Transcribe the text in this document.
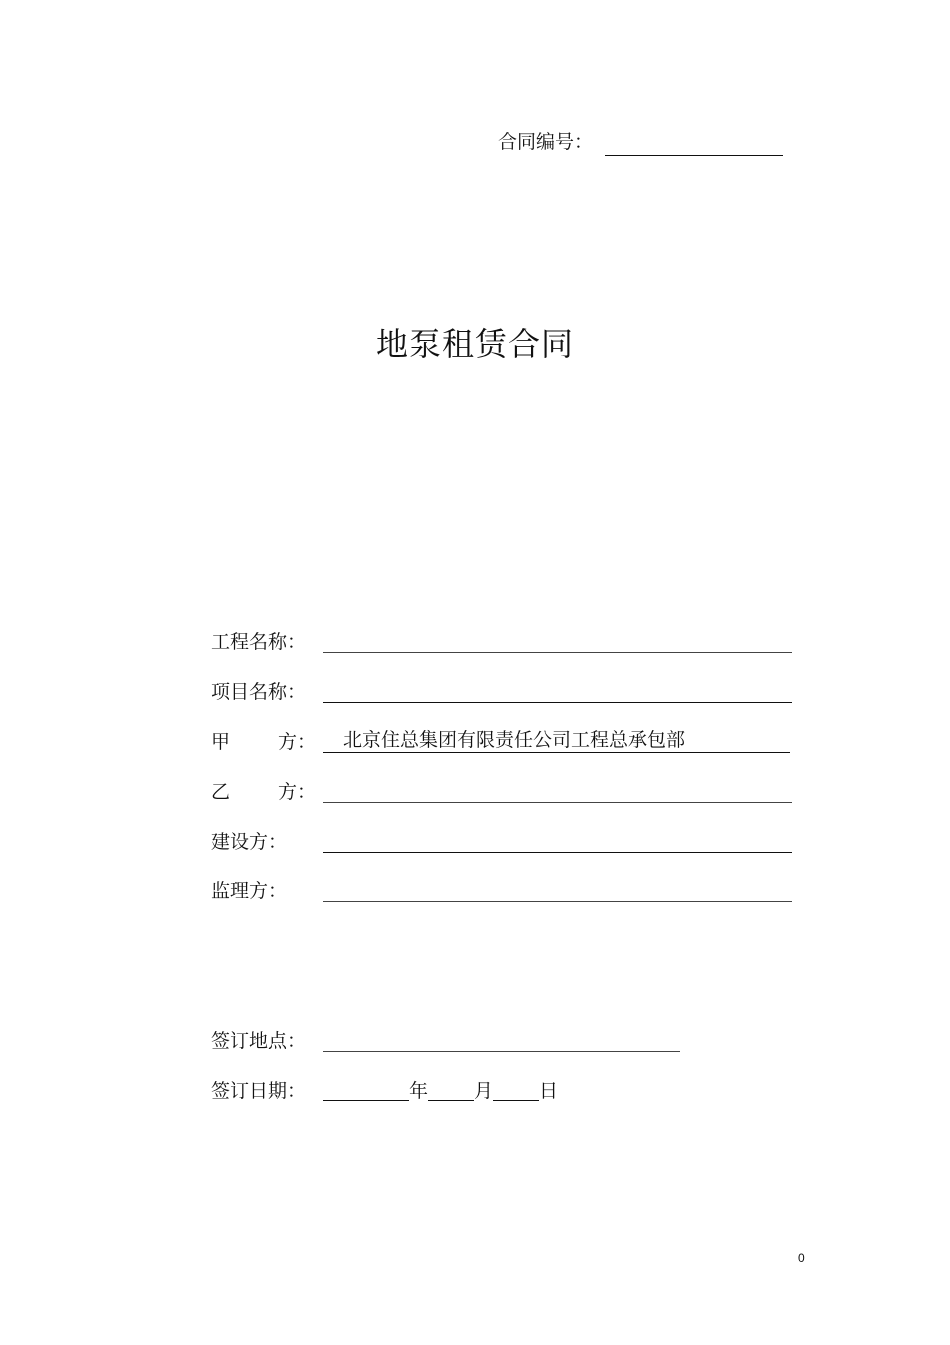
合同编号：
地泵租赁合同
工程名称：
项目名称：
甲	方：	北京住总集团有限责任公司工程总承包部
乙	方：
建设方：
监理方：
签订地点：
签订日期：	年 月 日
0
